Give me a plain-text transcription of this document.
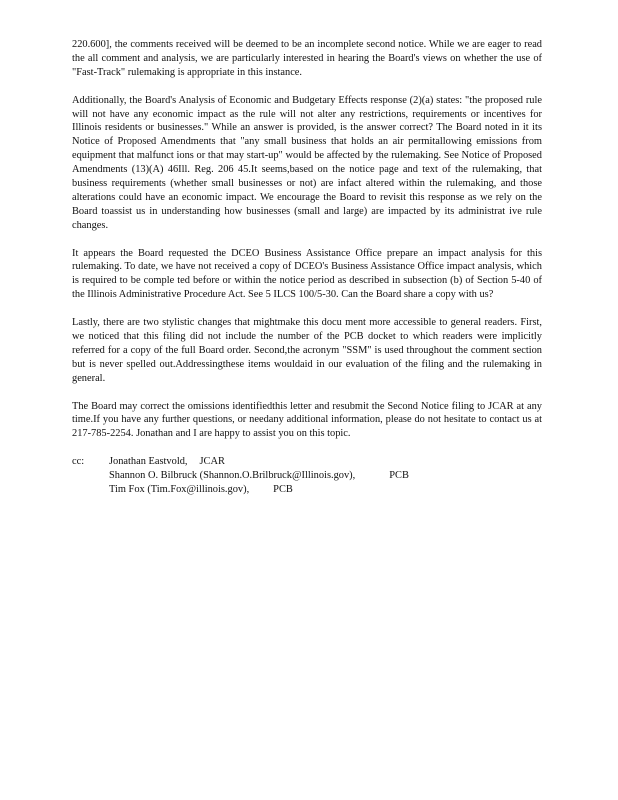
220.600], the comments received will be deemed to be an incomplete second notice. While we are eager to read the all comment and analysis, we are particularly interested in hearing the Board's views on whether the use of "Fast-Track" rulemaking is appropriate in this instance.

Additionally, the Board's Analysis of Economic and Budgetary Effects response (2)(a) states: "the proposed rule will not have any economic impact as the rule will not alter any restrictions, requirements or incentives for Illinois residents or businesses." While an answer is provided, is the answer correct? The Board noted in it its Notice of Proposed Amendments that "any small business that holds an air permitallowing emissions from equipment that malfunct ions or that may start-up" would be affected by the rulemaking. See Notice of Proposed Amendments (13)(A) 46Ill. Reg. 206 45.It seems,based on the notice page and text of the rulemaking, that business requirements (whether small businesses or not) are infact altered within the rulemaking, and those alterations could have an economic impact. We encourage the Board to revisit this response as we rely on the Board toassist us in understanding how businesses (small and large) are impacted by its administrat ive rule changes.

It appears the Board requested the DCEO Business Assistance Office prepare an impact analysis for this rulemaking. To date, we have not received a copy of DCEO's Business Assistance Office impact analysis, which is required to be comple ted before or within the notice period as described in subsection (b) of Section 5-40 of the Illinois Administrative Procedure Act. See 5 ILCS 100/5-30. Can the Board share a copy with us?

Lastly, there are two stylistic changes that mightmake this docu ment more accessible to general readers. First, we noticed that this filing did not include the number of the PCB docket to which readers were implicitly referred for a copy of the full Board order. Second,the acronym "SSM" is used throughout the comment section but is never spelled out.Addressingthese items wouldaid in our evaluation of the filing and the rulemaking in general.

The Board may correct the omissions identifiedthis letter and resubmit the Second Notice filing to JCAR at any time.If you have any further questions, or needany additional information, please do not hesitate to contact us at 217-785-2254. Jonathan and I are happy to assist you on this topic.

cc:	Jonathan Eastvold, JCAR
Shannon O. Bilbruck (Shannon.O.Brilbruck@Illinois.gov),	PCB
Tim Fox (Tim.Fox@illinois.gov), PCB
